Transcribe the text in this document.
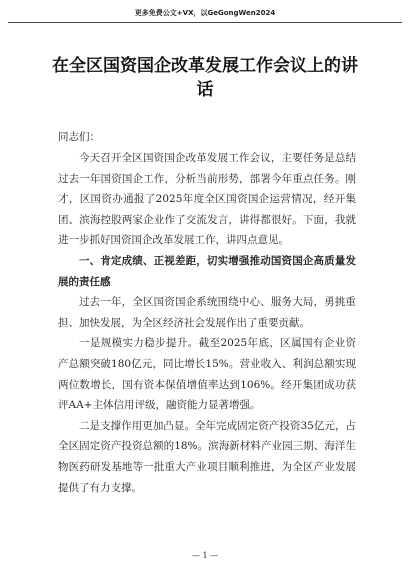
更多免费公文+VX，以GeGongWen2024
在全区国资国企改革发展工作会议上的讲话
同志们：

今天召开全区国资国企改革发展工作会议，主要任务是总结过去一年国资国企工作，分析当前形势，部署今年重点任务。刚才，区国资办通报了2025年度全区国资国企运营情况，经开集团、滨海控股两家企业作了交流发言，讲得都很好。下面，我就进一步抓好国资国企改革发展工作，讲四点意见。

一、肯定成绩、正视差距，切实增强推动国资国企高质量发展的责任感

过去一年，全区国资国企系统围绕中心、服务大局，勇挑重担、加快发展，为全区经济社会发展作出了重要贡献。

一是规模实力稳步提升。截至2025年底，区属国有企业资产总额突破180亿元，同比增长15%。营业收入、利润总额实现两位数增长，国有资本保值增值率达到106%。经开集团成功获评AA+主体信用评级，融资能力显著增强。

二是支撑作用更加凸显。全年完成固定资产投资35亿元，占全区固定资产投资总额的18%。滨海新材料产业园三期、海洋生物医药研发基地等一批重大产业项目顺利推进，为全区产业发展提供了有力支撑。

— 1 —
